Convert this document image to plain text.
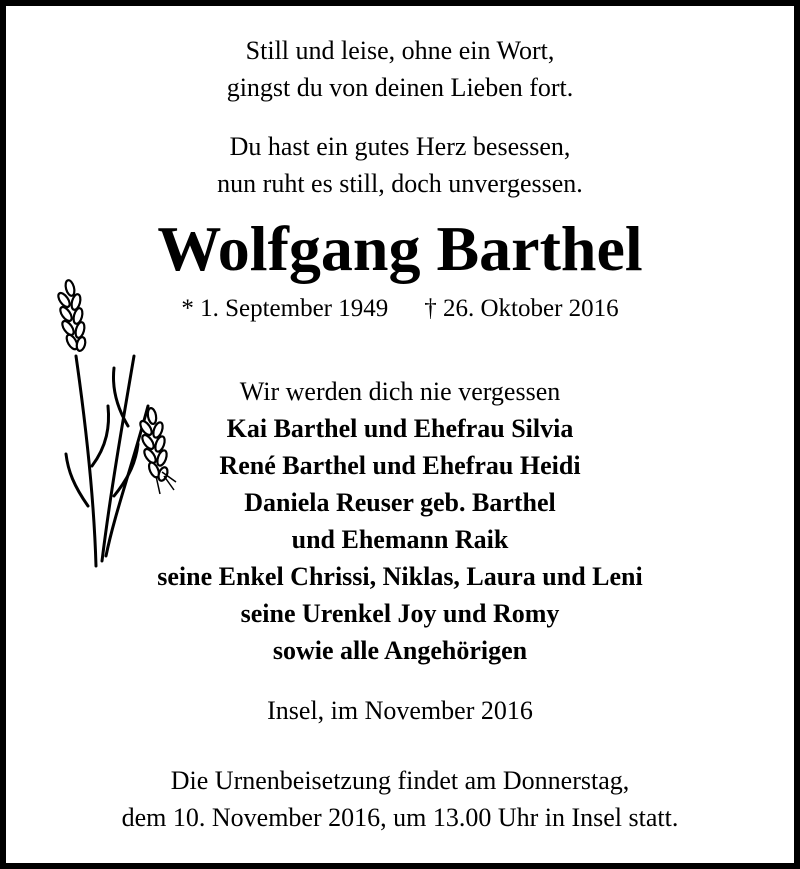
Still und leise, ohne ein Wort,
gingst du von deinen Lieben fort.
Du hast ein gutes Herz besessen,
nun ruht es still, doch unvergessen.
Wolfgang Barthel
* 1. September 1949 † 26. Oktober 2016
Wir werden dich nie vergessen
Kai Barthel und Ehefrau Silvia
René Barthel und Ehefrau Heidi
Daniela Reuser geb. Barthel
und Ehemann Raik
seine Enkel Chrissi, Niklas, Laura und Leni
seine Urenkel Joy und Romy
sowie alle Angehörigen
Insel, im November 2016
Die Urnenbeisetzung findet am Donnerstag,
dem 10. November 2016, um 13.00 Uhr in Insel statt.
